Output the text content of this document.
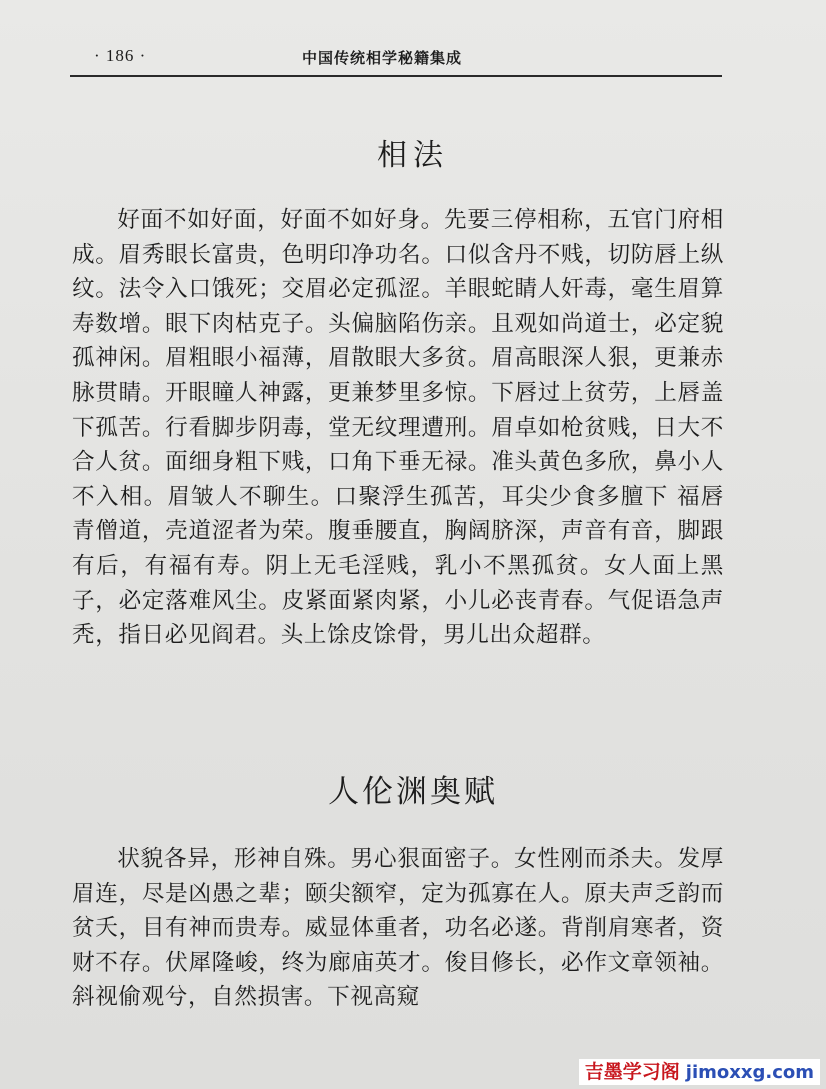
· 186 ·	中国传统相学秘籍集成
相法

好面不如好面，好面不如好身。先要三停相称，五官门府相成。眉秀眼长富贵，色明印净功名。口似含丹不贱，切防唇上纵纹。法令入口饿死；交眉必定孤涩。羊眼蛇睛人奸毒，毫生眉算寿数增。眼下肉枯克子。头偏脑陷伤亲。且观如尚道士，必定貌孤神闲。眉粗眼小福薄，眉散眼大多贫。眉高眼深人狠，更兼赤脉贯睛。开眼瞳人神露，更兼梦里多惊。下唇过上贫劳，上唇盖下孤苦。行看脚步阴毒，堂无纹理遭刑。眉卓如枪贫贱，日大不合人贫。面细身粗下贱，口角下垂无禄。准头黄色多欣，鼻小人不入相。眉皱人不聊生。口聚浮生孤苦，耳尖少食多膻下 福唇青僧道，壳道涩者为荣。腹垂腰直，胸阔脐深，声音有音，脚跟有后，有福有寿。阴上无毛淫贱，乳小不黑孤贫。女人面上黑子，必定落难风尘。皮紧面紧肉紧，小儿必丧青春。气促语急声秃，指日必见阎君。头上馀皮馀骨，男儿出众超群。

人伦渊奥赋

状貌各异，形神自殊。男心狠面密子。女性刚而杀夫。发厚眉连，尽是凶愚之辈；颐尖额窄，定为孤寡在人。原夫声乏韵而贫夭，目有神而贵寿。威显体重者，功名必遂。背削肩寒者，资财不存。伏犀隆峻，终为廊庙英才。俊目修长，必作文章领袖。斜视偷观兮，自然损害。下视高窥

吉墨学习阁 jimoxxg.com
